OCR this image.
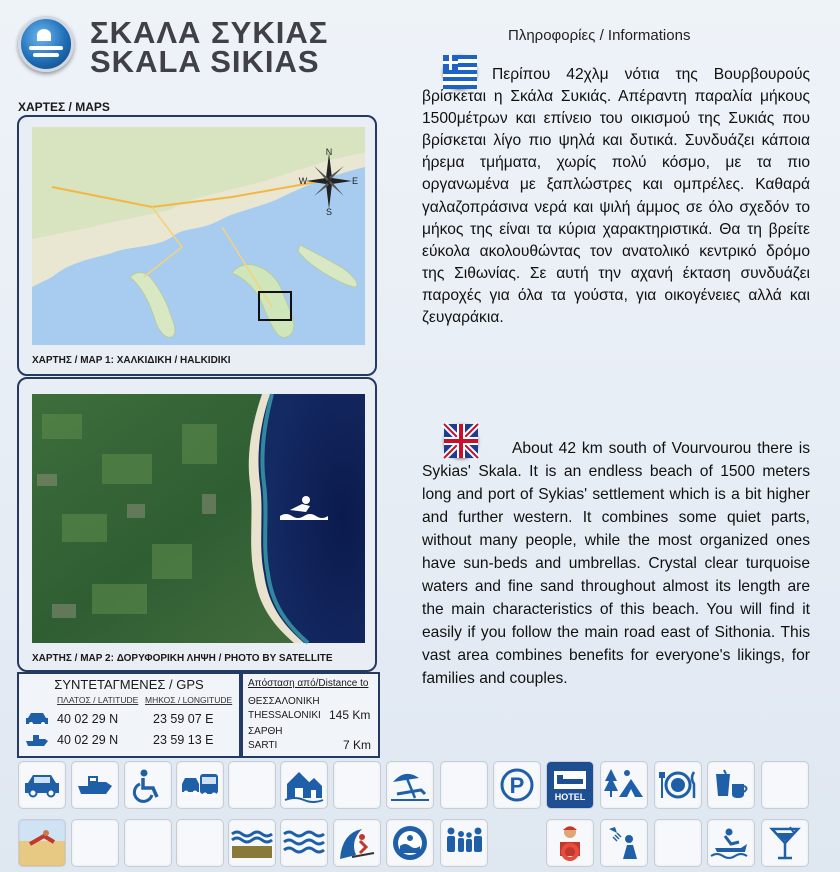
ΣΚΑΛΑ ΣΥΚΙΑΣ
SKALA SIKIAS
Πληροφορίες / Informations
ΧΑΡΤΕΣ / MAPS
N
S
W	E
ΧΑΡΤΗΣ / MAP 1: ΧΑΛΚΙΔΙΚΗ / HALKIDIKI
ΧΑΡΤΗΣ / MAP 2: ΔΟΡΥΦΟΡΙΚΗ ΛΗΨΗ / PHOTO BY SATELLITE
ΣΥΝΤΕΤΑΓΜΕΝΕΣ / GPS
ΠΛΑΤΟΣ / LATITUDE ΜΗΚΟΣ / LONGITUDE
40 02 29 N	23 59 07 E
40 02 29 N	23 59 13 E
Απόσταση από/Distance to
ΘΕΣΣΑΛΟΝΙΚΗ
THESSALONIKI 145 Km
ΣΑΡΘΗ
SARTI	7 Km
Περίπου 42χλμ νότια της Βουρβουρούς βρίσκεται η Σκάλα Συκιάς. Απέραντη παραλία μήκους 1500μέτρων και επίνειο του οικισμού της Συκιάς που βρίσκεται λίγο πιο ψηλά και δυτικά. Συνδυάζει κάποια ήρεμα τμήματα, χωρίς πολύ κόσμο, με τα πιο οργανωμένα με ξαπλώστρες και ομπρέλες. Καθαρά γαλαζοπράσινα νερά και ψιλή άμμος σε όλο σχεδόν το μήκος της είναι τα κύρια χαρακτηριστικά. Θα τη βρείτε εύκολα ακολουθώντας τον ανατολικό κεντρικό δρόμο της Σιθωνίας. Σε αυτή την αχανή έκταση συνδυάζει παροχές για όλα τα γούστα, για οικογένειες αλλά και ζευγαράκια.
About 42 km south of Vourvourou there is Sykias' Skala. It is an endless beach of 1500 meters long and port of Sykias' settlement which is a bit higher and further western. It combines some quiet parts, without many people, while the most organized ones have sun-beds and umbrellas. Crystal clear turquoise waters and fine sand throughout almost its length are the main characteristics of this beach. You will find it easily if you follow the main road east of Sithonia. This vast area combines benefits for everyone's likings, for families and couples.
P	HOTEL
